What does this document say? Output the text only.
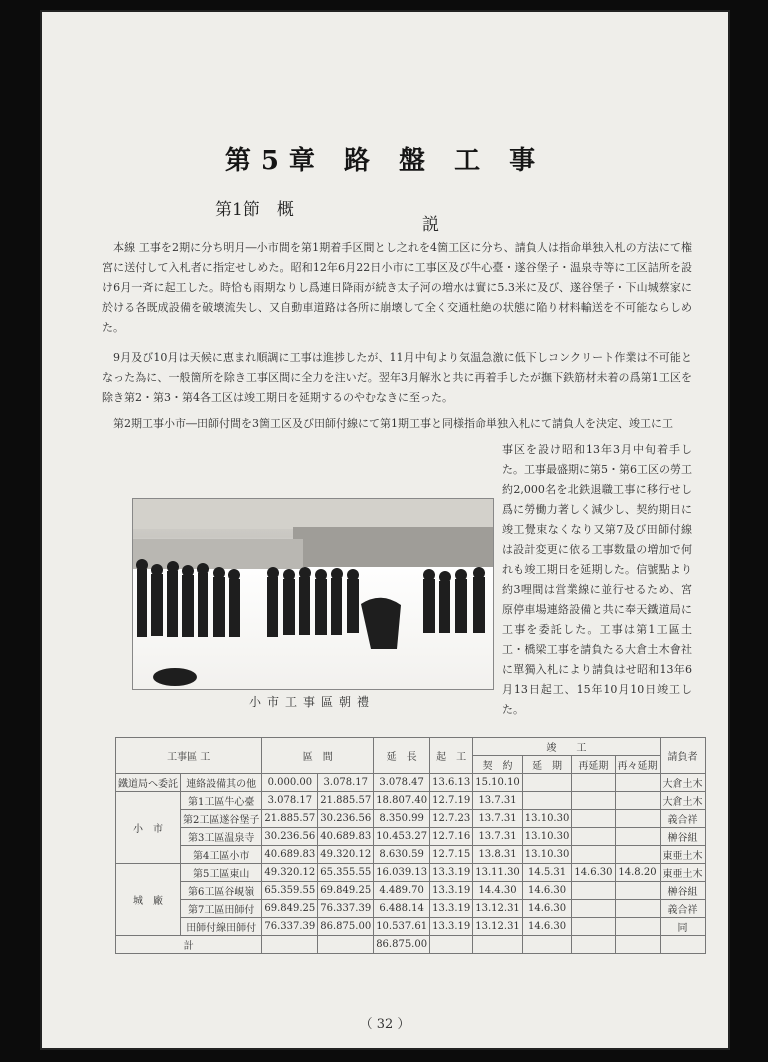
第5章 路 盤 工 事
第1節　概
説
本線 工事を2期に分ち明月―小市間を第1期着手区間とし之れを4箇工区に分ち、請負人は指命単独入札の方法にて権宮に送付して入札者に指定せしめた。昭和12年6月22日小市に工事区及び牛心臺・遂谷堡子・温泉寺等に工区詰所を設け6月一斉に起工した。時恰も雨期なりし爲連日降雨が続き太子河の増水は實に5.3米に及び、遂谷堡子・下山城蔡家に於ける各既成設備を破壊流失し、又自動車道路は各所に崩壊して全く交通杜絶の状態に陥り材料輸送を不可能ならしめた。
9月及び10月は天候に恵まれ順調に工事は進捗したが、11月中旬より気温急激に低下しコンクリート作業は不可能となった為に、一般箇所を除き工事区間に全力を注いだ。翌年3月解氷と共に再着手したが撫下鉄筋材未着の爲第1工区を除き第2・第3・第4各工区は竣工期日を延期するのやむなきに至った。
第2期工事小市―田師付間を3箇工区及び田師付線にて第1期工事と同様指命単独入札にて請負人を決定、竣工に工
事区を設け昭和13年3月中旬着手した。工事最盛期に第5・第6工区の勞工約2,000名を北鉄退職工事に移行せし爲に勞働力著しく減少し、契約期日に竣工覺束なくなり又第7及び田師付線は設計変更に依る工事数量の増加で何れも竣工期日を延期した。信號點より約3哩間は営業線に並行せるため、宮原停車場連絡設備と共に奉天鐵道局に工事を委託した。工事は第1工區土工・橋梁工事を請負たる大倉土木會社に單獨入札により請負はせ昭和13年6月13日起工、15年10月10日竣工した。
小市工事區朝禮
工事區 工		區　間		延　長	起　工	竣　　工				請負者
						契　約	延　期	再延期	再々延期	
鐵道局へ委託	連絡設備其の他	0.000.00	3.078.17	3.078.47	13.6.13	15.10.10				大倉土木
小　市	第1工區牛心臺	3.078.17	21.885.57	18.807.40	12.7.19	13.7.31				大倉土木
	第2工區遂谷堡子	21.885.57	30.236.56	8.350.99	12.7.23	13.7.31	13.10.30			義合祥
	第3工區温泉寺	30.236.56	40.689.83	10.453.27	12.7.16	13.7.31	13.10.30			榊谷組
	第4工區小市	40.689.83	49.320.12	8.630.59	12.7.15	13.8.31	13.10.30			東亜土木
城　廠	第5工區東山	49.320.12	65.355.55	16.039.13	13.3.19	13.11.30	14.5.31	14.6.30	14.8.20	東亜土木
	第6工區谷峴嶺	65.359.55	69.849.25	4.489.70	13.3.19	14.4.30	14.6.30			榊谷組
	第7工區田師付	69.849.25	76.337.39	6.488.14	13.3.19	13.12.31	14.6.30			義合祥
	田師付線田師付	76.337.39	86.875.00	10.537.61	13.3.19	13.12.31	14.6.30			同
計				86.875.00						
（ 32 ）
